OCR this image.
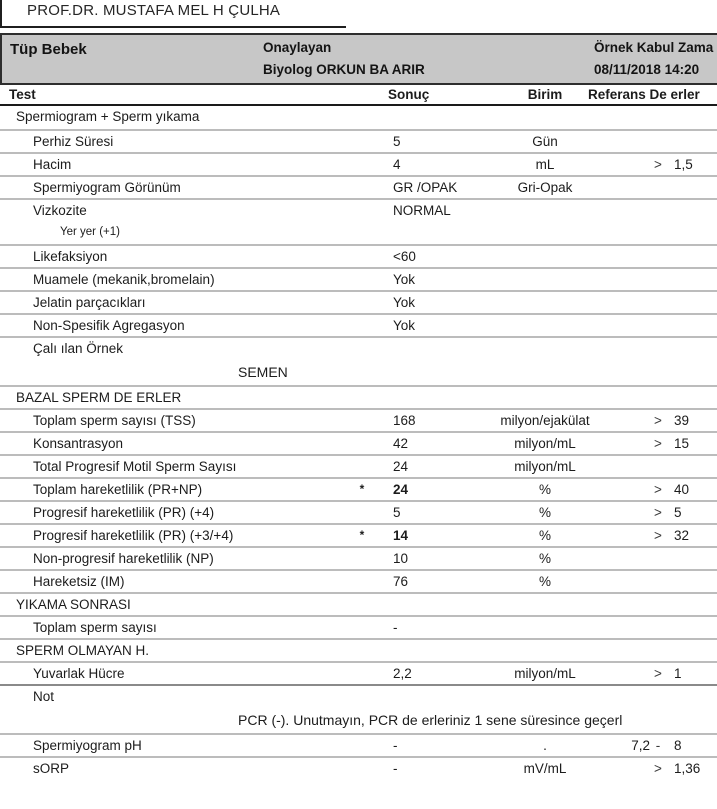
PROF.DR. MUSTAFA MEL H ÇULHA
Tüp Bebek	Onaylayan
Biyolog ORKUN BA ARIR
Örnek Kabul Zama
08/11/2018 14:20
Test	Sonuç	Birim	Referans De erler
Spermiogram + Sperm yıkama
Perhiz Süresi	5	Gün
Hacim	4	mL	> 1,5
Spermiyogram Görünüm	GR /OPAK	Gri-Opak
Vizkozite	NORMAL
Yer yer (+1)
Likefaksiyon	<60
Muamele (mekanik,bromelain)	Yok
Jelatin parçacıkları	Yok
Non-Spesifik Agregasyon	Yok
Çalı ılan Örnek
SEMEN
BAZAL SPERM DE ERLER
Toplam sperm sayısı (TSS)	168	milyon/ejakülat	> 39
Konsantrasyon	42	milyon/mL	> 15
Total Progresif Motil Sperm Sayısı	24	milyon/mL
Toplam hareketlilik (PR+NP)	* 24	%	> 40
Progresif hareketlilik (PR) (+4)	5	%	> 5
Progresif hareketlilik (PR) (+3/+4)	* 14	%	> 32
Non-progresif hareketlilik (NP)	10	%
Hareketsiz (IM)	76	%
YIKAMA SONRASI
Toplam sperm sayısı	-
SPERM OLMAYAN H.
Yuvarlak Hücre	2,2	milyon/mL	> 1
Not
PCR (-). Unutmayın, PCR de erleriniz 1 sene süresince geçerl
Spermiyogram pH	-	.	7,2 -	8
sORP	-	mV/mL	> 1,36
